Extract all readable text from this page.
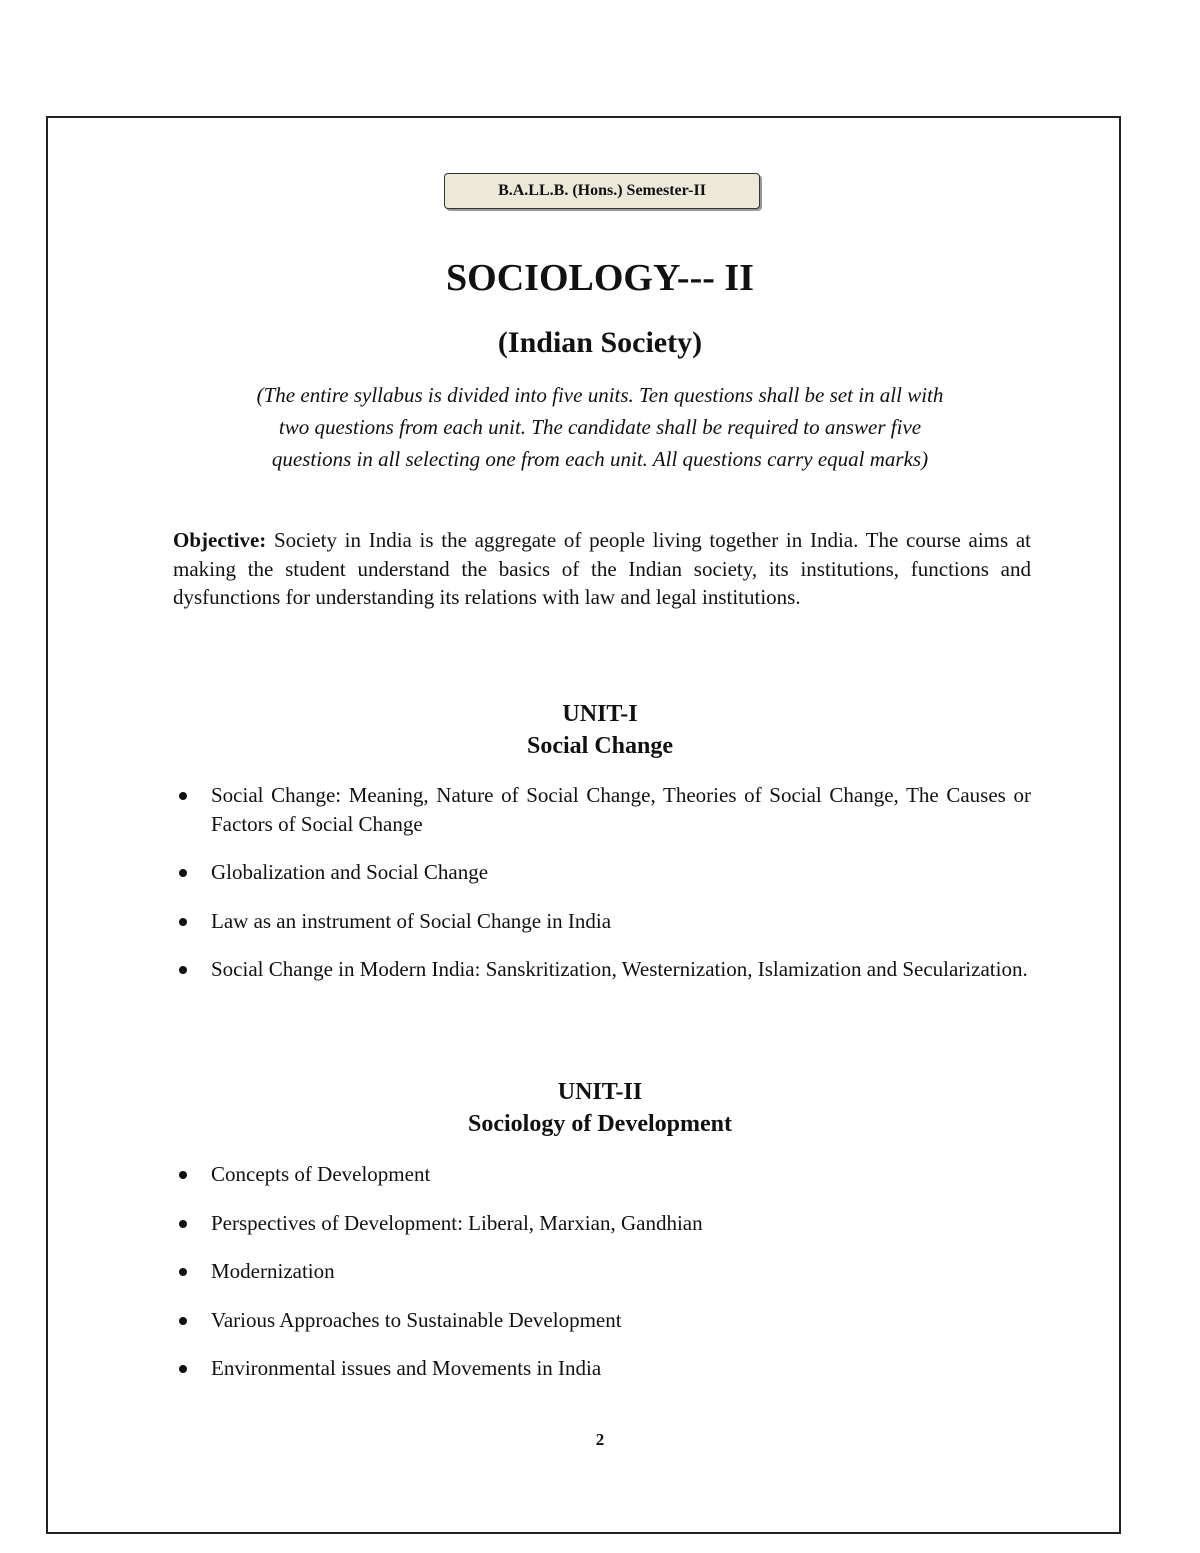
B.A.LL.B. (Hons.) Semester-II
SOCIOLOGY--- II
(Indian Society)

(The entire syllabus is divided into five units. Ten questions shall be set in all with two questions from each unit. The candidate shall be required to answer five questions in all selecting one from each unit. All questions carry equal marks)

Objective: Society in India is the aggregate of people living together in India. The course aims at making the student understand the basics of the Indian society, its institutions, functions and dysfunctions for understanding its relations with law and legal institutions.

UNIT-I
Social Change
Social Change: Meaning, Nature of Social Change, Theories of Social Change, The Causes or Factors of Social Change
Globalization and Social Change
Law as an instrument of Social Change in India
Social Change in Modern India: Sanskritization, Westernization, Islamization and Secularization.
UNIT-II
Sociology of Development
Concepts of Development
Perspectives of Development: Liberal, Marxian, Gandhian
Modernization
Various Approaches to Sustainable Development
Environmental issues and Movements in India
2
